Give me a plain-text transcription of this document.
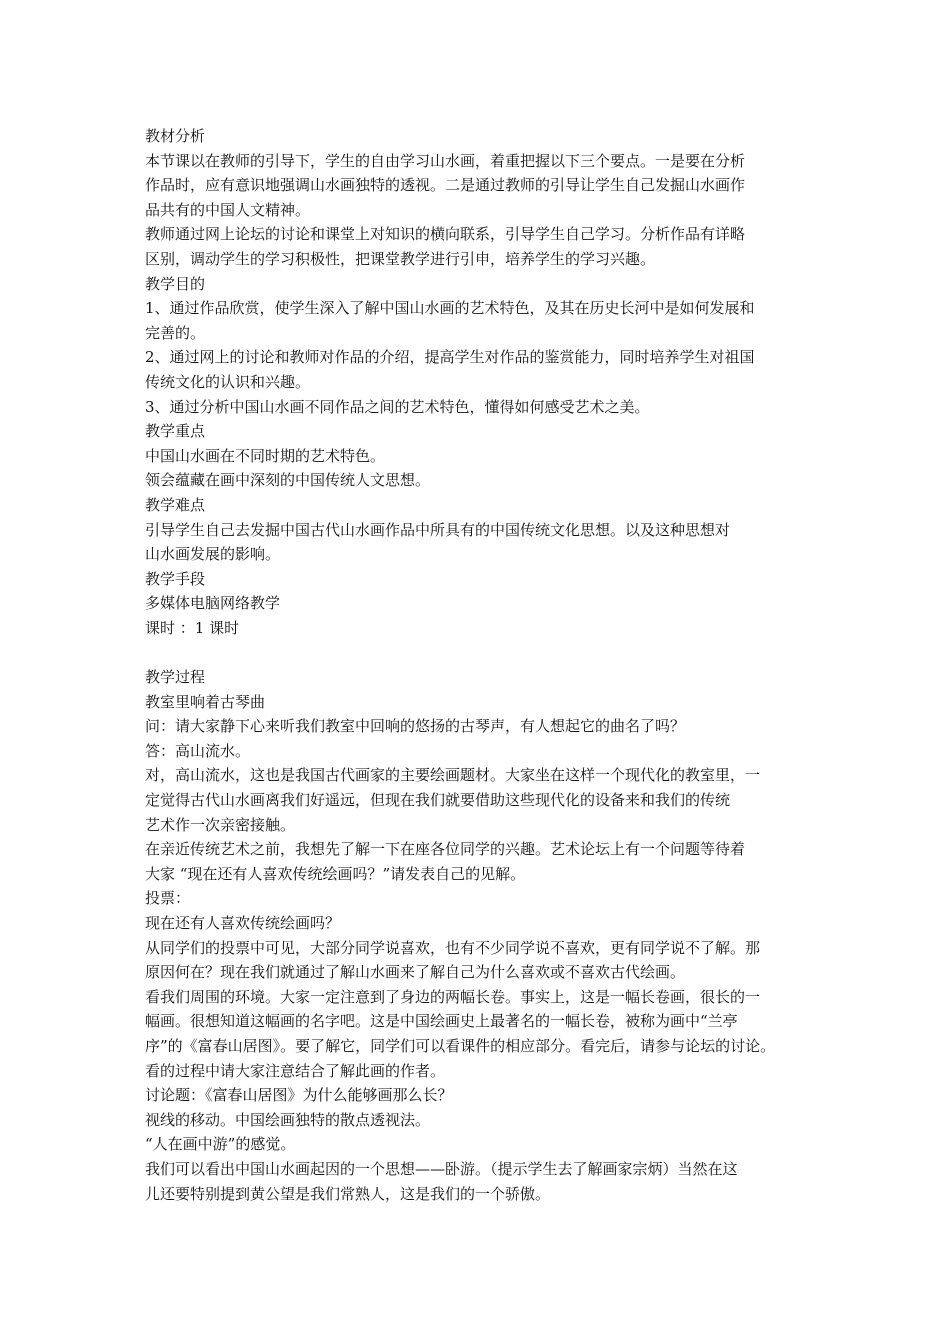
教材分析
本节课以在教师的引导下，学生的自由学习山水画，着重把握以下三个要点。一是要在分析
作品时，应有意识地强调山水画独特的透视。二是通过教师的引导让学生自己发掘山水画作
品共有的中国人文精神。
教师通过网上论坛的讨论和课堂上对知识的横向联系，引导学生自己学习。分析作品有详略
区别，调动学生的学习积极性，把课堂教学进行引申，培养学生的学习兴趣。
教学目的
1、通过作品欣赏，使学生深入了解中国山水画的艺术特色，及其在历史长河中是如何发展和
完善的。
2、通过网上的讨论和教师对作品的介绍，提高学生对作品的鉴赏能力，同时培养学生对祖国
传统文化的认识和兴趣。
3、通过分析中国山水画不同作品之间的艺术特色，懂得如何感受艺术之美。
教学重点
中国山水画在不同时期的艺术特色。
领会蕴藏在画中深刻的中国传统人文思想。
教学难点
引导学生自己去发掘中国古代山水画作品中所具有的中国传统文化思想。以及这种思想对
山水画发展的影响。
教学手段
多媒体电脑网络教学
课时 ：1 课时
教学过程
教室里响着古琴曲
问：请大家静下心来听我们教室中回响的悠扬的古琴声，有人想起它的曲名了吗？
答：高山流水。
对，高山流水，这也是我国古代画家的主要绘画题材。大家坐在这样一个现代化的教室里，一
定觉得古代山水画离我们好遥远，但现在我们就要借助这些现代化的设备来和我们的传统
艺术作一次亲密接触。
在亲近传统艺术之前，我想先了解一下在座各位同学的兴趣。艺术论坛上有一个问题等待着
大家 “现在还有人喜欢传统绘画吗？”请发表自己的见解。
投票：
现在还有人喜欢传统绘画吗？
从同学们的投票中可见，大部分同学说喜欢，也有不少同学说不喜欢，更有同学说不了解。那
原因何在？现在我们就通过了解山水画来了解自己为什么喜欢或不喜欢古代绘画。
看我们周围的环境。大家一定注意到了身边的两幅长卷。事实上，这是一幅长卷画，很长的一
幅画。很想知道这幅画的名字吧。这是中国绘画史上最著名的一幅长卷，被称为画中“兰亭
序”的《富春山居图》。要了解它，同学们可以看课件的相应部分。看完后，请参与论坛的讨论。
看的过程中请大家注意结合了解此画的作者。
讨论题：《富春山居图》为什么能够画那么长？
视线的移动。中国绘画独特的散点透视法。
“人在画中游”的感觉。
我们可以看出中国山水画起因的一个思想——卧游。（提示学生去了解画家宗炳）当然在这
儿还要特别提到黄公望是我们常熟人，这是我们的一个骄傲。
